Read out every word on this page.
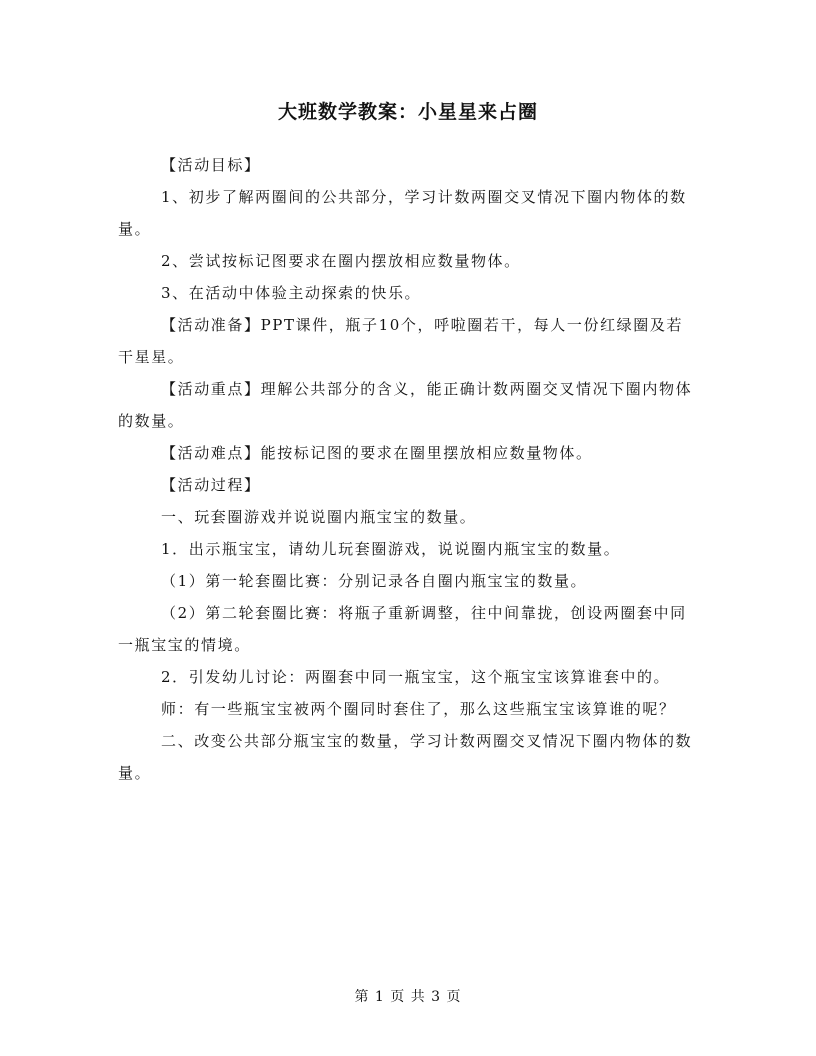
大班数学教案：小星星来占圈

【活动目标】

1、初步了解两圈间的公共部分，学习计数两圈交叉情况下圈内物体的数量。

2、尝试按标记图要求在圈内摆放相应数量物体。

3、在活动中体验主动探索的快乐。

【活动准备】PPT课件，瓶子10个，呼啦圈若干，每人一份红绿圈及若干星星。

【活动重点】理解公共部分的含义，能正确计数两圈交叉情况下圈内物体的数量。

【活动难点】能按标记图的要求在圈里摆放相应数量物体。

【活动过程】

一、玩套圈游戏并说说圈内瓶宝宝的数量。

1．出示瓶宝宝，请幼儿玩套圈游戏，说说圈内瓶宝宝的数量。

（1）第一轮套圈比赛：分别记录各自圈内瓶宝宝的数量。

（2）第二轮套圈比赛：将瓶子重新调整，往中间靠拢，创设两圈套中同一瓶宝宝的情境。

2．引发幼儿讨论：两圈套中同一瓶宝宝，这个瓶宝宝该算谁套中的。

师：有一些瓶宝宝被两个圈同时套住了，那么这些瓶宝宝该算谁的呢？

二、改变公共部分瓶宝宝的数量，学习计数两圈交叉情况下圈内物体的数量。

第 1 页 共 3 页
